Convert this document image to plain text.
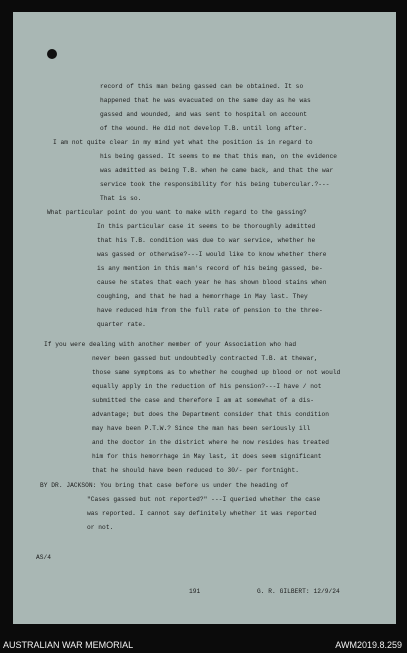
record of this man being gassed can be obtained. It so
happened that he was evacuated on the same day as he was
gassed and wounded, and was sent to hospital on account
of the wound. He did not develop T.B. until long after.
I am not quite clear in my mind yet what the position is in regard to
his being gassed. It seems to me that this man, on the evidence
was admitted as being T.B. when he came back, and that the war
service took the responsibility for his being tubercular.?---
That is so.
What particular point do you want to make with regard to the gassing?
In this particular case it seems to be thoroughly admitted
that his T.B. condition was due to war service, whether he
was gassed or otherwise?---I would like to know whether there
is any mention in this man's record of his being gassed, be-
cause he states that each year he has shown blood stains when
coughing, and that he had a hemorrhage in May last. They
have reduced him from the full rate of pension to the three-
quarter rate.
If you were dealing with another member of your Association who had
never been gassed but undoubtedly contracted T.B. at thewar,
those same symptoms as to whether he coughed up blood or not would
equally apply in the reduction of his pension?---I have / not
submitted the case and therefore I am at somewhat of a dis-
advantage; but does the Department consider that this condition
may have been P.T.W.? Since the man has been seriously ill
and the doctor in the district where he now resides has treated
him for this hemorrhage in May last, it does seem significant
that he should have been reduced to 30/- per fortnight.
BY DR. JACKSON: You bring that case before us under the heading of
"Cases gassed but not reported?" ---I queried whether the case
was reported. I cannot say definitely whether it was reported
or not.
AS/4
191	G. R. GILBERT: 12/9/24
AUSTRALIAN WAR MEMORIAL	AWM2019.8.259
